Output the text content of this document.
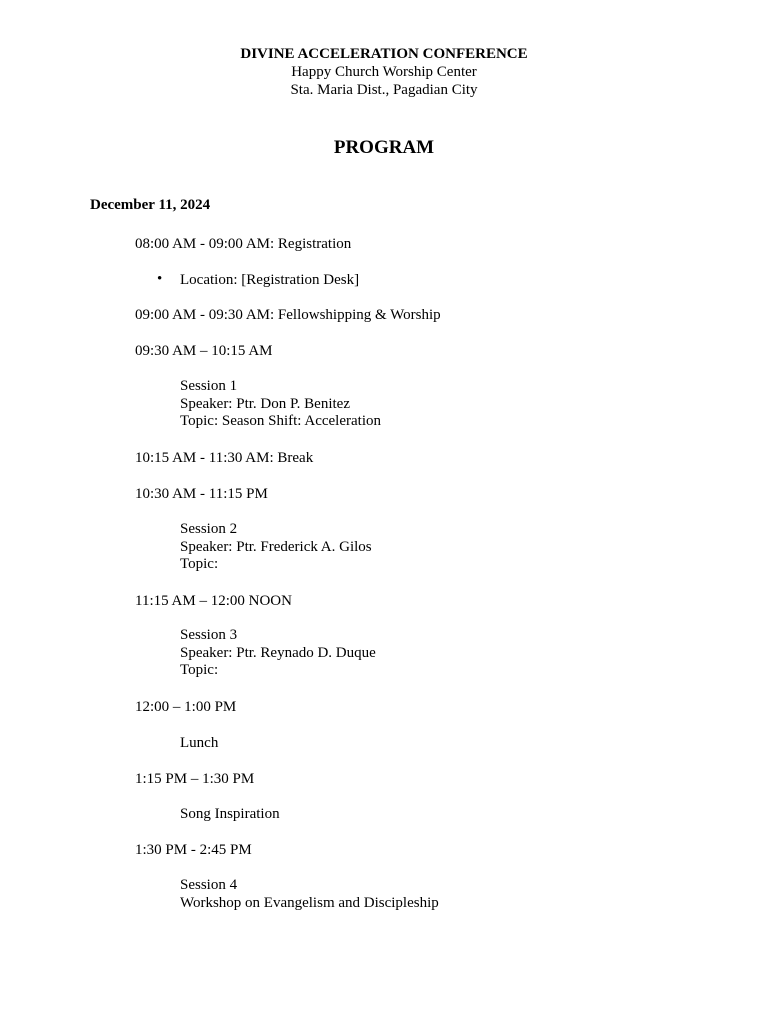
DIVINE ACCELERATION CONFERENCE
Happy Church Worship Center
Sta. Maria Dist., Pagadian City
PROGRAM
December 11, 2024
08:00 AM - 09:00 AM: Registration
• Location: [Registration Desk]
09:00 AM - 09:30 AM: Fellowshipping & Worship
09:30 AM – 10:15 AM
Session 1
Speaker: Ptr. Don P. Benitez
Topic: Season Shift: Acceleration
10:15 AM - 11:30 AM: Break
10:30 AM - 11:15 PM
Session 2
Speaker: Ptr. Frederick A. Gilos
Topic:
11:15 AM – 12:00 NOON
Session 3
Speaker: Ptr. Reynado D. Duque
Topic:
12:00 – 1:00 PM
Lunch
1:15 PM – 1:30 PM
Song Inspiration
1:30 PM - 2:45 PM
Session 4
Workshop on Evangelism and Discipleship
